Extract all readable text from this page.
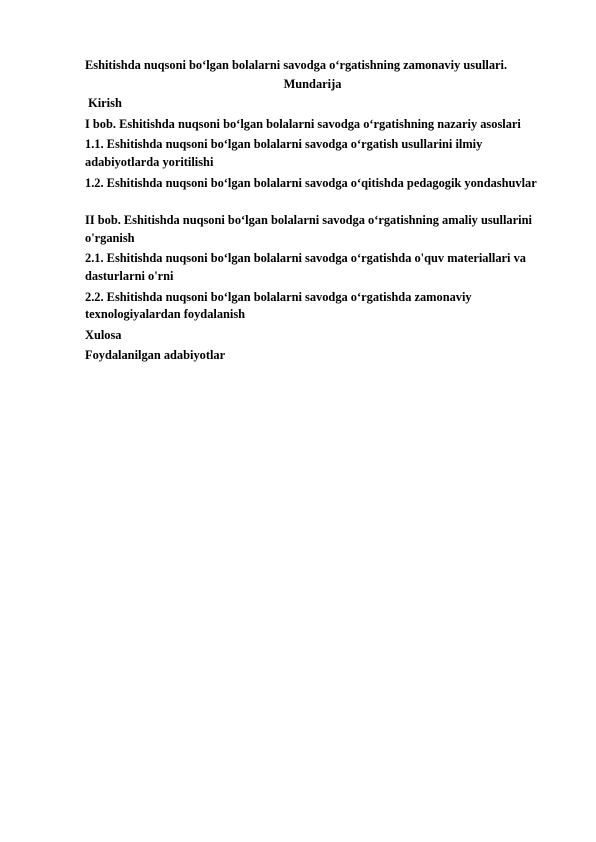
Eshitishda nuqsoni bo‘lgan bolalarni savodga o‘rgatishning zamonaviy usullari.

Mundarija

Kirish

I bob. Eshitishda nuqsoni bo‘lgan bolalarni savodga o‘rgatishning nazariy asoslari

1.1. Eshitishda nuqsoni bo‘lgan bolalarni savodga o‘rgatish usullarini ilmiy adabiyotlarda yoritilishi

1.2. Eshitishda nuqsoni bo‘lgan bolalarni savodga o‘qitishda pedagogik yondashuvlar

II bob. Eshitishda nuqsoni bo‘lgan bolalarni savodga o‘rgatishning amaliy usullarini o'rganish

2.1. Eshitishda nuqsoni bo‘lgan bolalarni savodga o‘rgatishda o'quv materiallari va dasturlarni o'rni

2.2. Eshitishda nuqsoni bo‘lgan bolalarni savodga o‘rgatishda zamonaviy texnologiyalardan foydalanish

Xulosa

Foydalanilgan adabiyotlar
